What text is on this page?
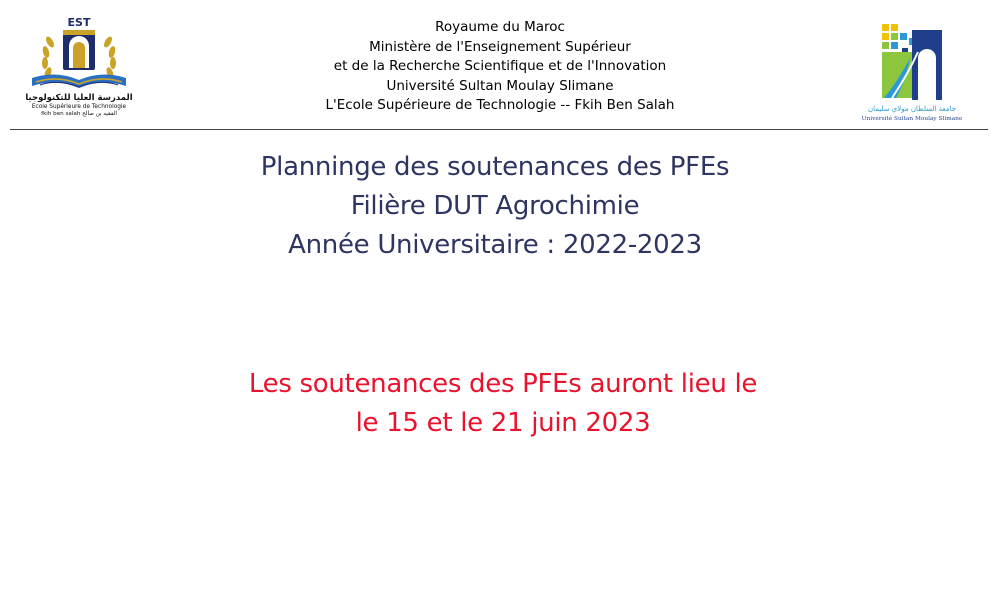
EST
المدرسة العليا للتكنولوجيا
Ecole Supérieure de Technologie
fkih ben salah الفقيه بن صالح
Royaume du Maroc
Ministère de l'Enseignement Supérieur
et de la Recherche Scientifique et de l'Innovation
Université Sultan Moulay Slimane
L'Ecole Supérieure de Technologie -- Fkih Ben Salah	جامعة السلطان مولاي سليمان
Université Sultan Moulay Slimane
Planninge des soutenances des PFEs
Filière DUT Agrochimie
Année Universitaire : 2022-2023
Les soutenances des PFEs auront lieu le
le 15 et le 21 juin 2023
